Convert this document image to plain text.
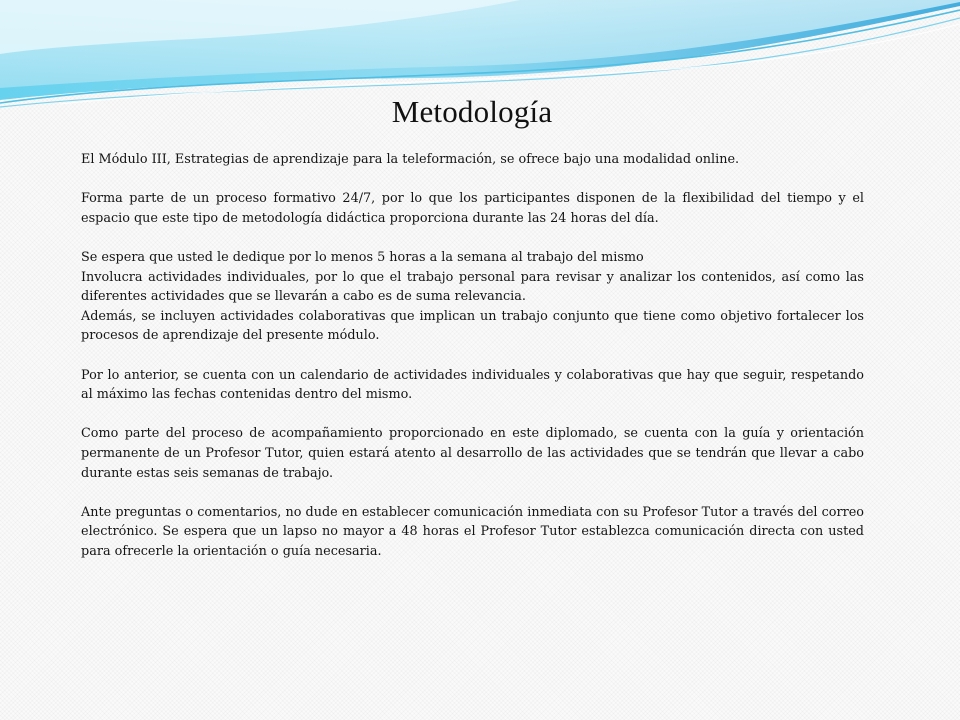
Metodología

El Módulo III, Estrategias de aprendizaje para la teleformación, se ofrece bajo una modalidad online.

Forma parte de un proceso formativo 24/7, por lo que los participantes disponen de la flexibilidad del tiempo y el espacio que este tipo de metodología didáctica proporciona durante las 24 horas del día.

Se espera que usted le dedique por lo menos 5 horas a la semana al trabajo del mismo

Involucra actividades individuales, por lo que el trabajo personal para revisar y analizar los contenidos, así como las diferentes actividades que se llevarán a cabo es de suma relevancia.

Además, se incluyen actividades colaborativas que implican un trabajo conjunto que tiene como objetivo fortalecer los procesos de aprendizaje del presente módulo.

Por lo anterior, se cuenta con un calendario de actividades individuales y colaborativas que hay que seguir, respetando al máximo las fechas contenidas dentro del mismo.

Como parte del proceso de acompañamiento proporcionado en este diplomado, se cuenta con la guía y orientación permanente de un Profesor Tutor, quien estará atento al desarrollo de las actividades que se tendrán que llevar a cabo durante estas seis semanas de trabajo.

Ante preguntas o comentarios, no dude en establecer comunicación inmediata con su Profesor Tutor a través del correo electrónico. Se espera que un lapso no mayor a 48 horas el Profesor Tutor establezca comunicación directa con usted para ofrecerle la orientación o guía necesaria.
